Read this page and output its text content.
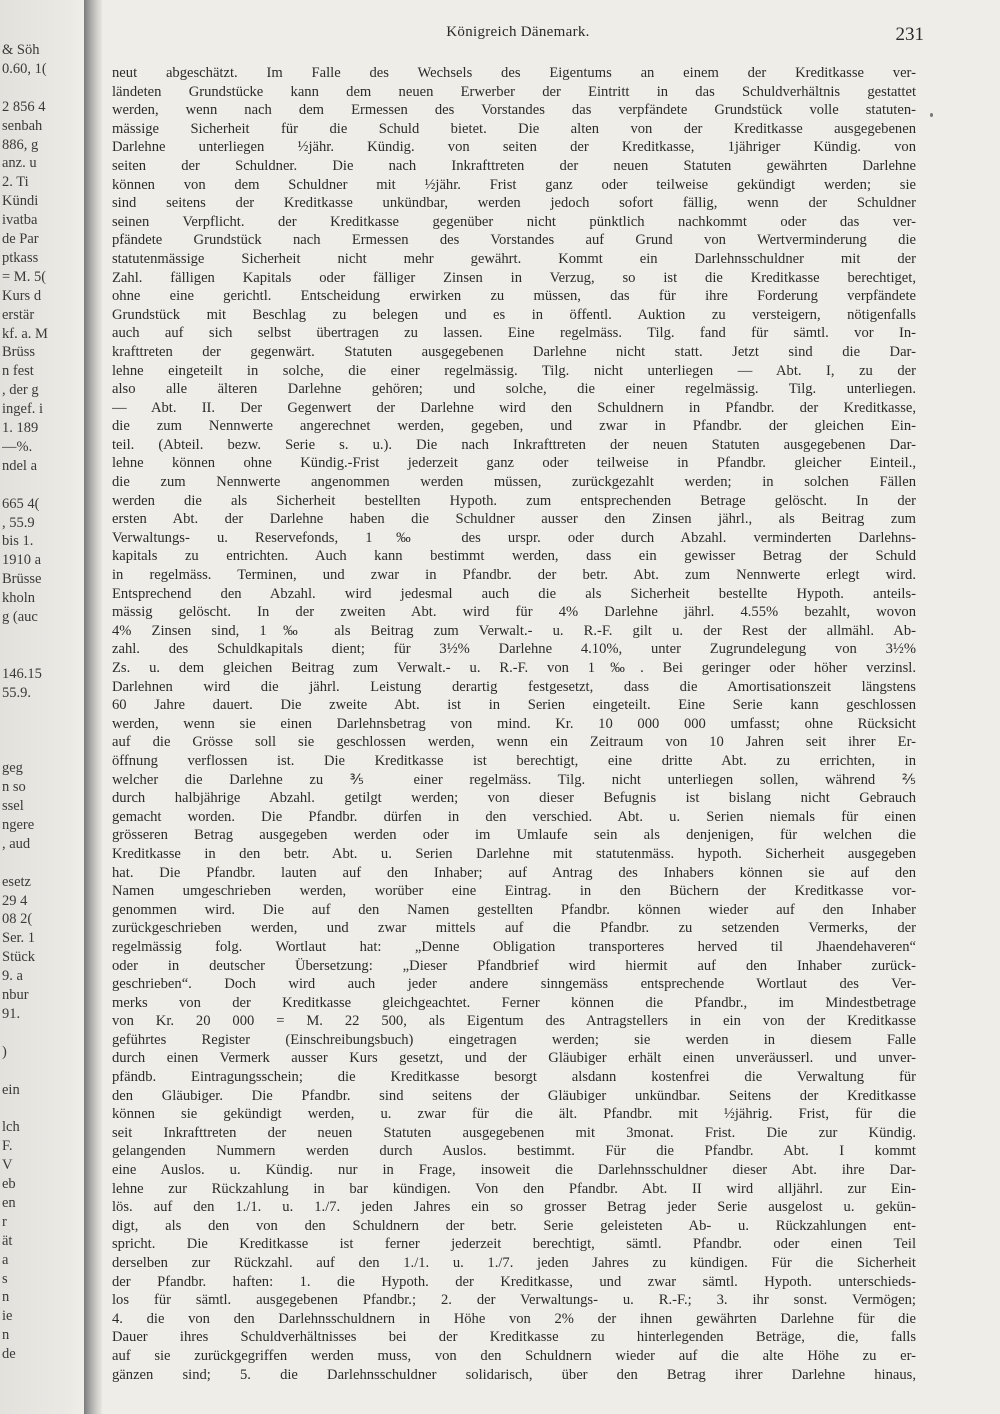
& Söh
0.60, 1(
2 856 4
senbah
886, g
anz. u
2. Ti
Kündi
ivatba
de Par
ptkass
= M. 5(
Kurs d
erstär
kf. a. M
Brüss
n fest
, der g
ingef. i
1. 189
—%.
ndel a
665 4(
, 55.9
bis 1.
1910 a
Brüsse
kholn
g (auc
146.15
55.9.
geg
n so
ssel
ngere
, aud
esetz
29 4
08 2(
Ser. 1
Stück
9. a
nbur
91.
)
ein
lch
F.
V
eb
en
r
ät
a
s
n
ie
n
de
Königreich Dänemark.	231
neut abgeschätzt. Im Falle des Wechsels des Eigentums an einem der Kreditkasse ver-
ländeten Grundstücke kann dem neuen Erwerber der Eintritt in das Schuldverhältnis gestattet
werden, wenn nach dem Ermessen des Vorstandes das verpfändete Grundstück volle statuten-
mässige Sicherheit für die Schuld bietet. Die alten von der Kreditkasse ausgegebenen
Darlehne unterliegen ½jähr. Kündig. von seiten der Kreditkasse, 1jähriger Kündig. von
seiten der Schuldner. Die nach Inkrafttreten der neuen Statuten gewährten Darlehne
können von dem Schuldner mit ½jähr. Frist ganz oder teilweise gekündigt werden; sie
sind seitens der Kreditkasse unkündbar, werden jedoch sofort fällig, wenn der Schuldner
seinen Verpflicht. der Kreditkasse gegenüber nicht pünktlich nachkommt oder das ver-
pfändete Grundstück nach Ermessen des Vorstandes auf Grund von Wertverminderung die
statutenmässige Sicherheit nicht mehr gewährt. Kommt ein Darlehnsschuldner mit der
Zahl. fälligen Kapitals oder fälliger Zinsen in Verzug, so ist die Kreditkasse berechtiget,
ohne eine gerichtl. Entscheidung erwirken zu müssen, das für ihre Forderung verpfändete
Grundstück mit Beschlag zu belegen und es in öffentl. Auktion zu versteigern, nötigenfalls
auch auf sich selbst übertragen zu lassen. Eine regelmäss. Tilg. fand für sämtl. vor In-
krafttreten der gegenwärt. Statuten ausgegebenen Darlehne nicht statt. Jetzt sind die Dar-
lehne eingeteilt in solche, die einer regelmässig. Tilg. nicht unterliegen — Abt. I, zu der
also alle älteren Darlehne gehören; und solche, die einer regelmässig. Tilg. unterliegen.
— Abt. II. Der Gegenwert der Darlehne wird den Schuldnern in Pfandbr. der Kreditkasse,
die zum Nennwerte angerechnet werden, gegeben, und zwar in Pfandbr. der gleichen Ein-
teil. (Abteil. bezw. Serie s. u.). Die nach Inkrafttreten der neuen Statuten ausgegebenen Dar-
lehne können ohne Kündig.-Frist jederzeit ganz oder teilweise in Pfandbr. gleicher Einteil.,
die zum Nennwerte angenommen werden müssen, zurückgezahlt werden; in solchen Fällen
werden die als Sicherheit bestellten Hypoth. zum entsprechenden Betrage gelöscht. In der
ersten Abt. der Darlehne haben die Schuldner ausser den Zinsen jährl., als Beitrag zum
Verwaltungs- u. Reservefonds, 1‰ des urspr. oder durch Abzahl. verminderten Darlehns-
kapitals zu entrichten. Auch kann bestimmt werden, dass ein gewisser Betrag der Schuld
in regelmäss. Terminen, und zwar in Pfandbr. der betr. Abt. zum Nennwerte erlegt wird.
Entsprechend den Abzahl. wird jedesmal auch die als Sicherheit bestellte Hypoth. anteils-
mässig gelöscht. In der zweiten Abt. wird für 4% Darlehne jährl. 4.55% bezahlt, wovon
4% Zinsen sind, 1‰ als Beitrag zum Verwalt.- u. R.-F. gilt u. der Rest der allmähl. Ab-
zahl. des Schuldkapitals dient; für 3½% Darlehne 4.10%, unter Zugrundelegung von 3½%
Zs. u. dem gleichen Beitrag zum Verwalt.- u. R.-F. von 1‰. Bei geringer oder höher verzinsl.
Darlehnen wird die jährl. Leistung derartig festgesetzt, dass die Amortisationszeit längstens
60 Jahre dauert. Die zweite Abt. ist in Serien eingeteilt. Eine Serie kann geschlossen
werden, wenn sie einen Darlehnsbetrag von mind. Kr. 10 000 000 umfasst; ohne Rücksicht
auf die Grösse soll sie geschlossen werden, wenn ein Zeitraum von 10 Jahren seit ihrer Er-
öffnung verflossen ist. Die Kreditkasse ist berechtigt, eine dritte Abt. zu errichten, in
welcher die Darlehne zu ⅗ einer regelmäss. Tilg. nicht unterliegen sollen, während ⅖
durch halbjährige Abzahl. getilgt werden; von dieser Befugnis ist bislang nicht Gebrauch
gemacht worden. Die Pfandbr. dürfen in den verschied. Abt. u. Serien niemals für einen
grösseren Betrag ausgegeben werden oder im Umlaufe sein als denjenigen, für welchen die
Kreditkasse in den betr. Abt. u. Serien Darlehne mit statutenmäss. hypoth. Sicherheit ausgegeben
hat. Die Pfandbr. lauten auf den Inhaber; auf Antrag des Inhabers können sie auf den
Namen umgeschrieben werden, worüber eine Eintrag. in den Büchern der Kreditkasse vor-
genommen wird. Die auf den Namen gestellten Pfandbr. können wieder auf den Inhaber
zurückgeschrieben werden, und zwar mittels auf die Pfandbr. zu setzenden Vermerks, der
regelmässig folg. Wortlaut hat: „Denne Obligation transporteres herved til Jhaendehaveren“
oder in deutscher Übersetzung: „Dieser Pfandbrief wird hiermit auf den Inhaber zurück-
geschrieben“. Doch wird auch jeder andere sinngemäss entsprechende Wortlaut des Ver-
merks von der Kreditkasse gleichgeachtet. Ferner können die Pfandbr., im Mindestbetrage
von Kr. 20 000 = M. 22 500, als Eigentum des Antragstellers in ein von der Kreditkasse
geführtes Register (Einschreibungsbuch) eingetragen werden; sie werden in diesem Falle
durch einen Vermerk ausser Kurs gesetzt, und der Gläubiger erhält einen unveräusserl. und unver-
pfändb. Eintragungsschein; die Kreditkasse besorgt alsdann kostenfrei die Verwaltung für
den Gläubiger. Die Pfandbr. sind seitens der Gläubiger unkündbar. Seitens der Kreditkasse
können sie gekündigt werden, u. zwar für die ält. Pfandbr. mit ½jährig. Frist, für die
seit Inkrafttreten der neuen Statuten ausgegebenen mit 3monat. Frist. Die zur Kündig.
gelangenden Nummern werden durch Auslos. bestimmt. Für die Pfandbr. Abt. I kommt
eine Auslos. u. Kündig. nur in Frage, insoweit die Darlehnsschuldner dieser Abt. ihre Dar-
lehne zur Rückzahlung in bar kündigen. Von den Pfandbr. Abt. II wird alljährl. zur Ein-
lös. auf den 1./1. u. 1./7. jeden Jahres ein so grosser Betrag jeder Serie ausgelost u. gekün-
digt, als den von den Schuldnern der betr. Serie geleisteten Ab- u. Rückzahlungen ent-
spricht. Die Kreditkasse ist ferner jederzeit berechtigt, sämtl. Pfandbr. oder einen Teil
derselben zur Rückzahl. auf den 1./1. u. 1./7. jeden Jahres zu kündigen. Für die Sicherheit
der Pfandbr. haften: 1. die Hypoth. der Kreditkasse, und zwar sämtl. Hypoth. unterschieds-
los für sämtl. ausgegebenen Pfandbr.; 2. der Verwaltungs- u. R.-F.; 3. ihr sonst. Vermögen;
4. die von den Darlehnsschuldnern in Höhe von 2% der ihnen gewährten Darlehne für die
Dauer ihres Schuldverhältnisses bei der Kreditkasse zu hinterlegenden Beträge, die, falls
auf sie zurückgegriffen werden muss, von den Schuldnern wieder auf die alte Höhe zu er-
gänzen sind; 5. die Darlehnsschuldner solidarisch, über den Betrag ihrer Darlehne hinaus,
